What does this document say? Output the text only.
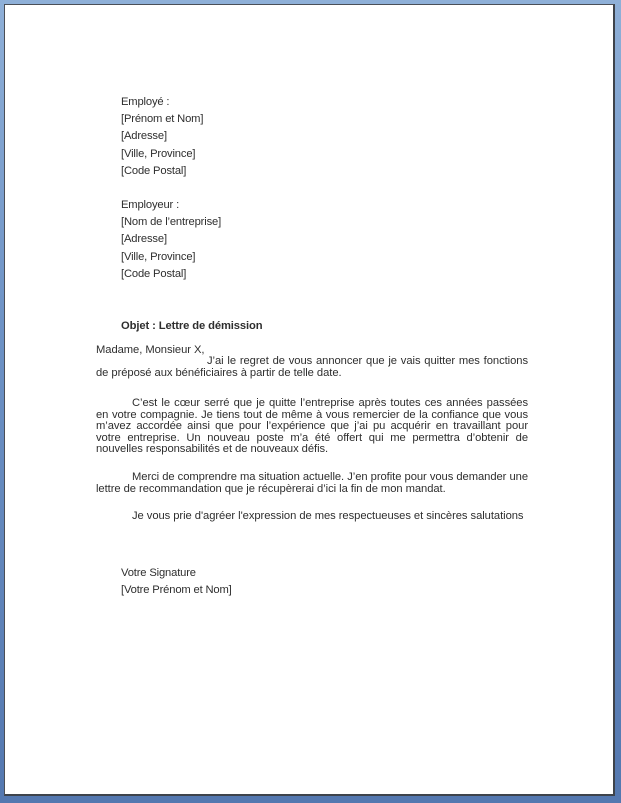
Employé :
[Prénom et Nom]
[Adresse]
[Ville, Province]
[Code Postal]
Employeur :
[Nom de l’entreprise]
[Adresse]
[Ville, Province]
[Code Postal]
Objet : Lettre de démission

Madame, Monsieur X,

J’ai le regret de vous annoncer que je vais quitter mes fonctions de préposé aux bénéficiaires à partir de telle date.

C’est le cœur serré que je quitte l’entreprise après toutes ces années passées en votre compagnie. Je tiens tout de même à vous remercier de la confiance que vous m’avez accordée ainsi que pour l’expérience que j’ai pu acquérir en travaillant pour votre entreprise. Un nouveau poste m’a été offert qui me permettra d’obtenir de nouvelles responsabilités et de nouveaux défis.

Merci de comprendre ma situation actuelle. J’en profite pour vous demander une lettre de recommandation que je récupèrerai d’ici la fin de mon mandat.

Je vous prie d'agréer l'expression de mes respectueuses et sincères salutations

Votre Signature
[Votre Prénom et Nom]
